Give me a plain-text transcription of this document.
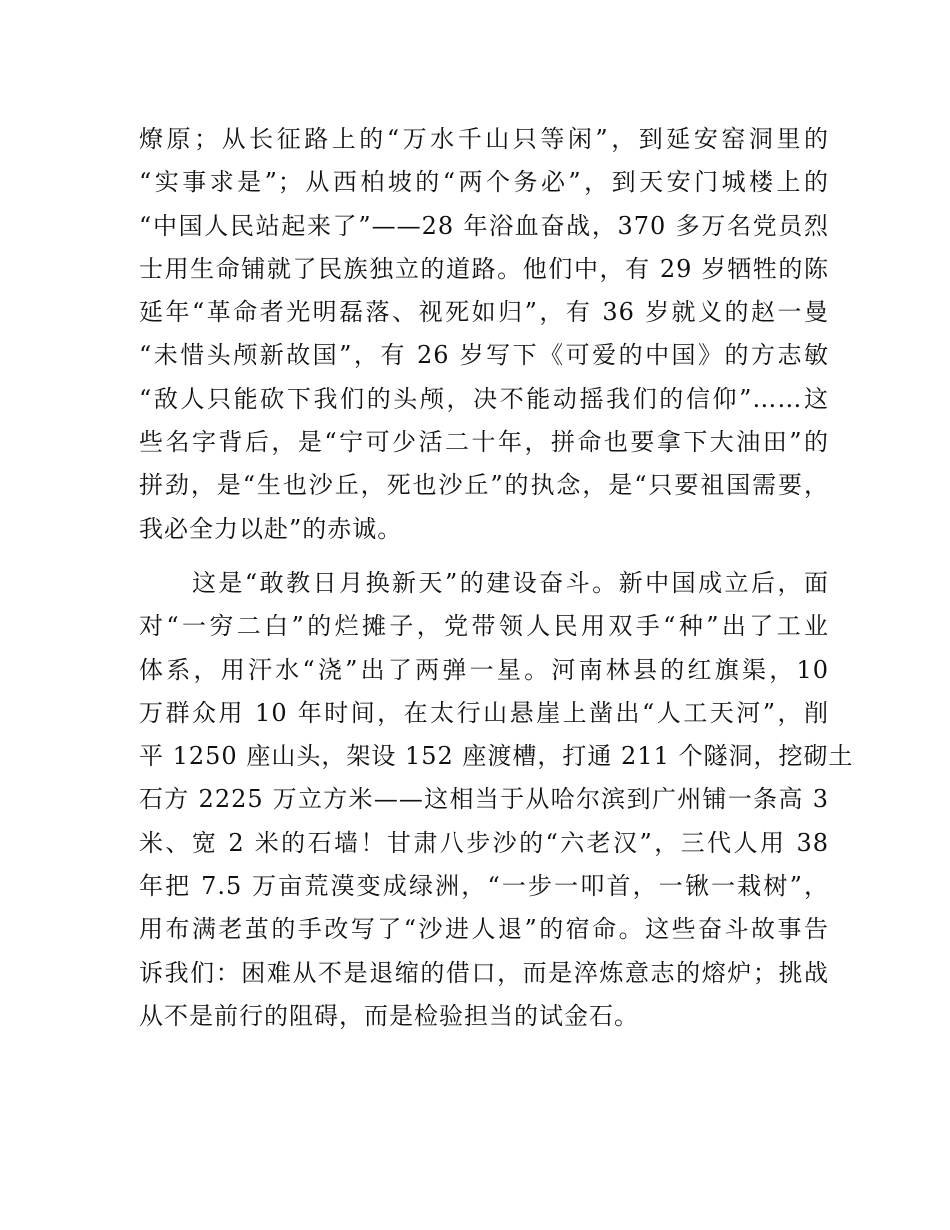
燎原；从长征路上的“万水千山只等闲”，到延安窑洞里的
“实事求是”；从西柏坡的“两个务必”，到天安门城楼上的
“中国人民站起来了”——28 年浴血奋战，370 多万名党员烈
士用生命铺就了民族独立的道路。他们中，有 29 岁牺牲的陈
延年“革命者光明磊落、视死如归”，有 36 岁就义的赵一曼
“未惜头颅新故国”，有 26 岁写下《可爱的中国》的方志敏
“敌人只能砍下我们的头颅，决不能动摇我们的信仰”……这
些名字背后，是“宁可少活二十年，拼命也要拿下大油田”的
拼劲，是“生也沙丘，死也沙丘”的执念，是“只要祖国需要，
我必全力以赴”的赤诚。
　　这是“敢教日月换新天”的建设奋斗。新中国成立后，面
对“一穷二白”的烂摊子，党带领人民用双手“种”出了工业
体系，用汗水“浇”出了两弹一星。河南林县的红旗渠，10
万群众用 10 年时间，在太行山悬崖上凿出“人工天河”，削
平 1250 座山头，架设 152 座渡槽，打通 211 个隧洞，挖砌土
石方 2225 万立方米——这相当于从哈尔滨到广州铺一条高 3
米、宽 2 米的石墙！甘肃八步沙的“六老汉”，三代人用 38
年把 7.5 万亩荒漠变成绿洲，“一步一叩首，一锹一栽树”，
用布满老茧的手改写了“沙进人退”的宿命。这些奋斗故事告
诉我们：困难从不是退缩的借口，而是淬炼意志的熔炉；挑战
从不是前行的阻碍，而是检验担当的试金石。
